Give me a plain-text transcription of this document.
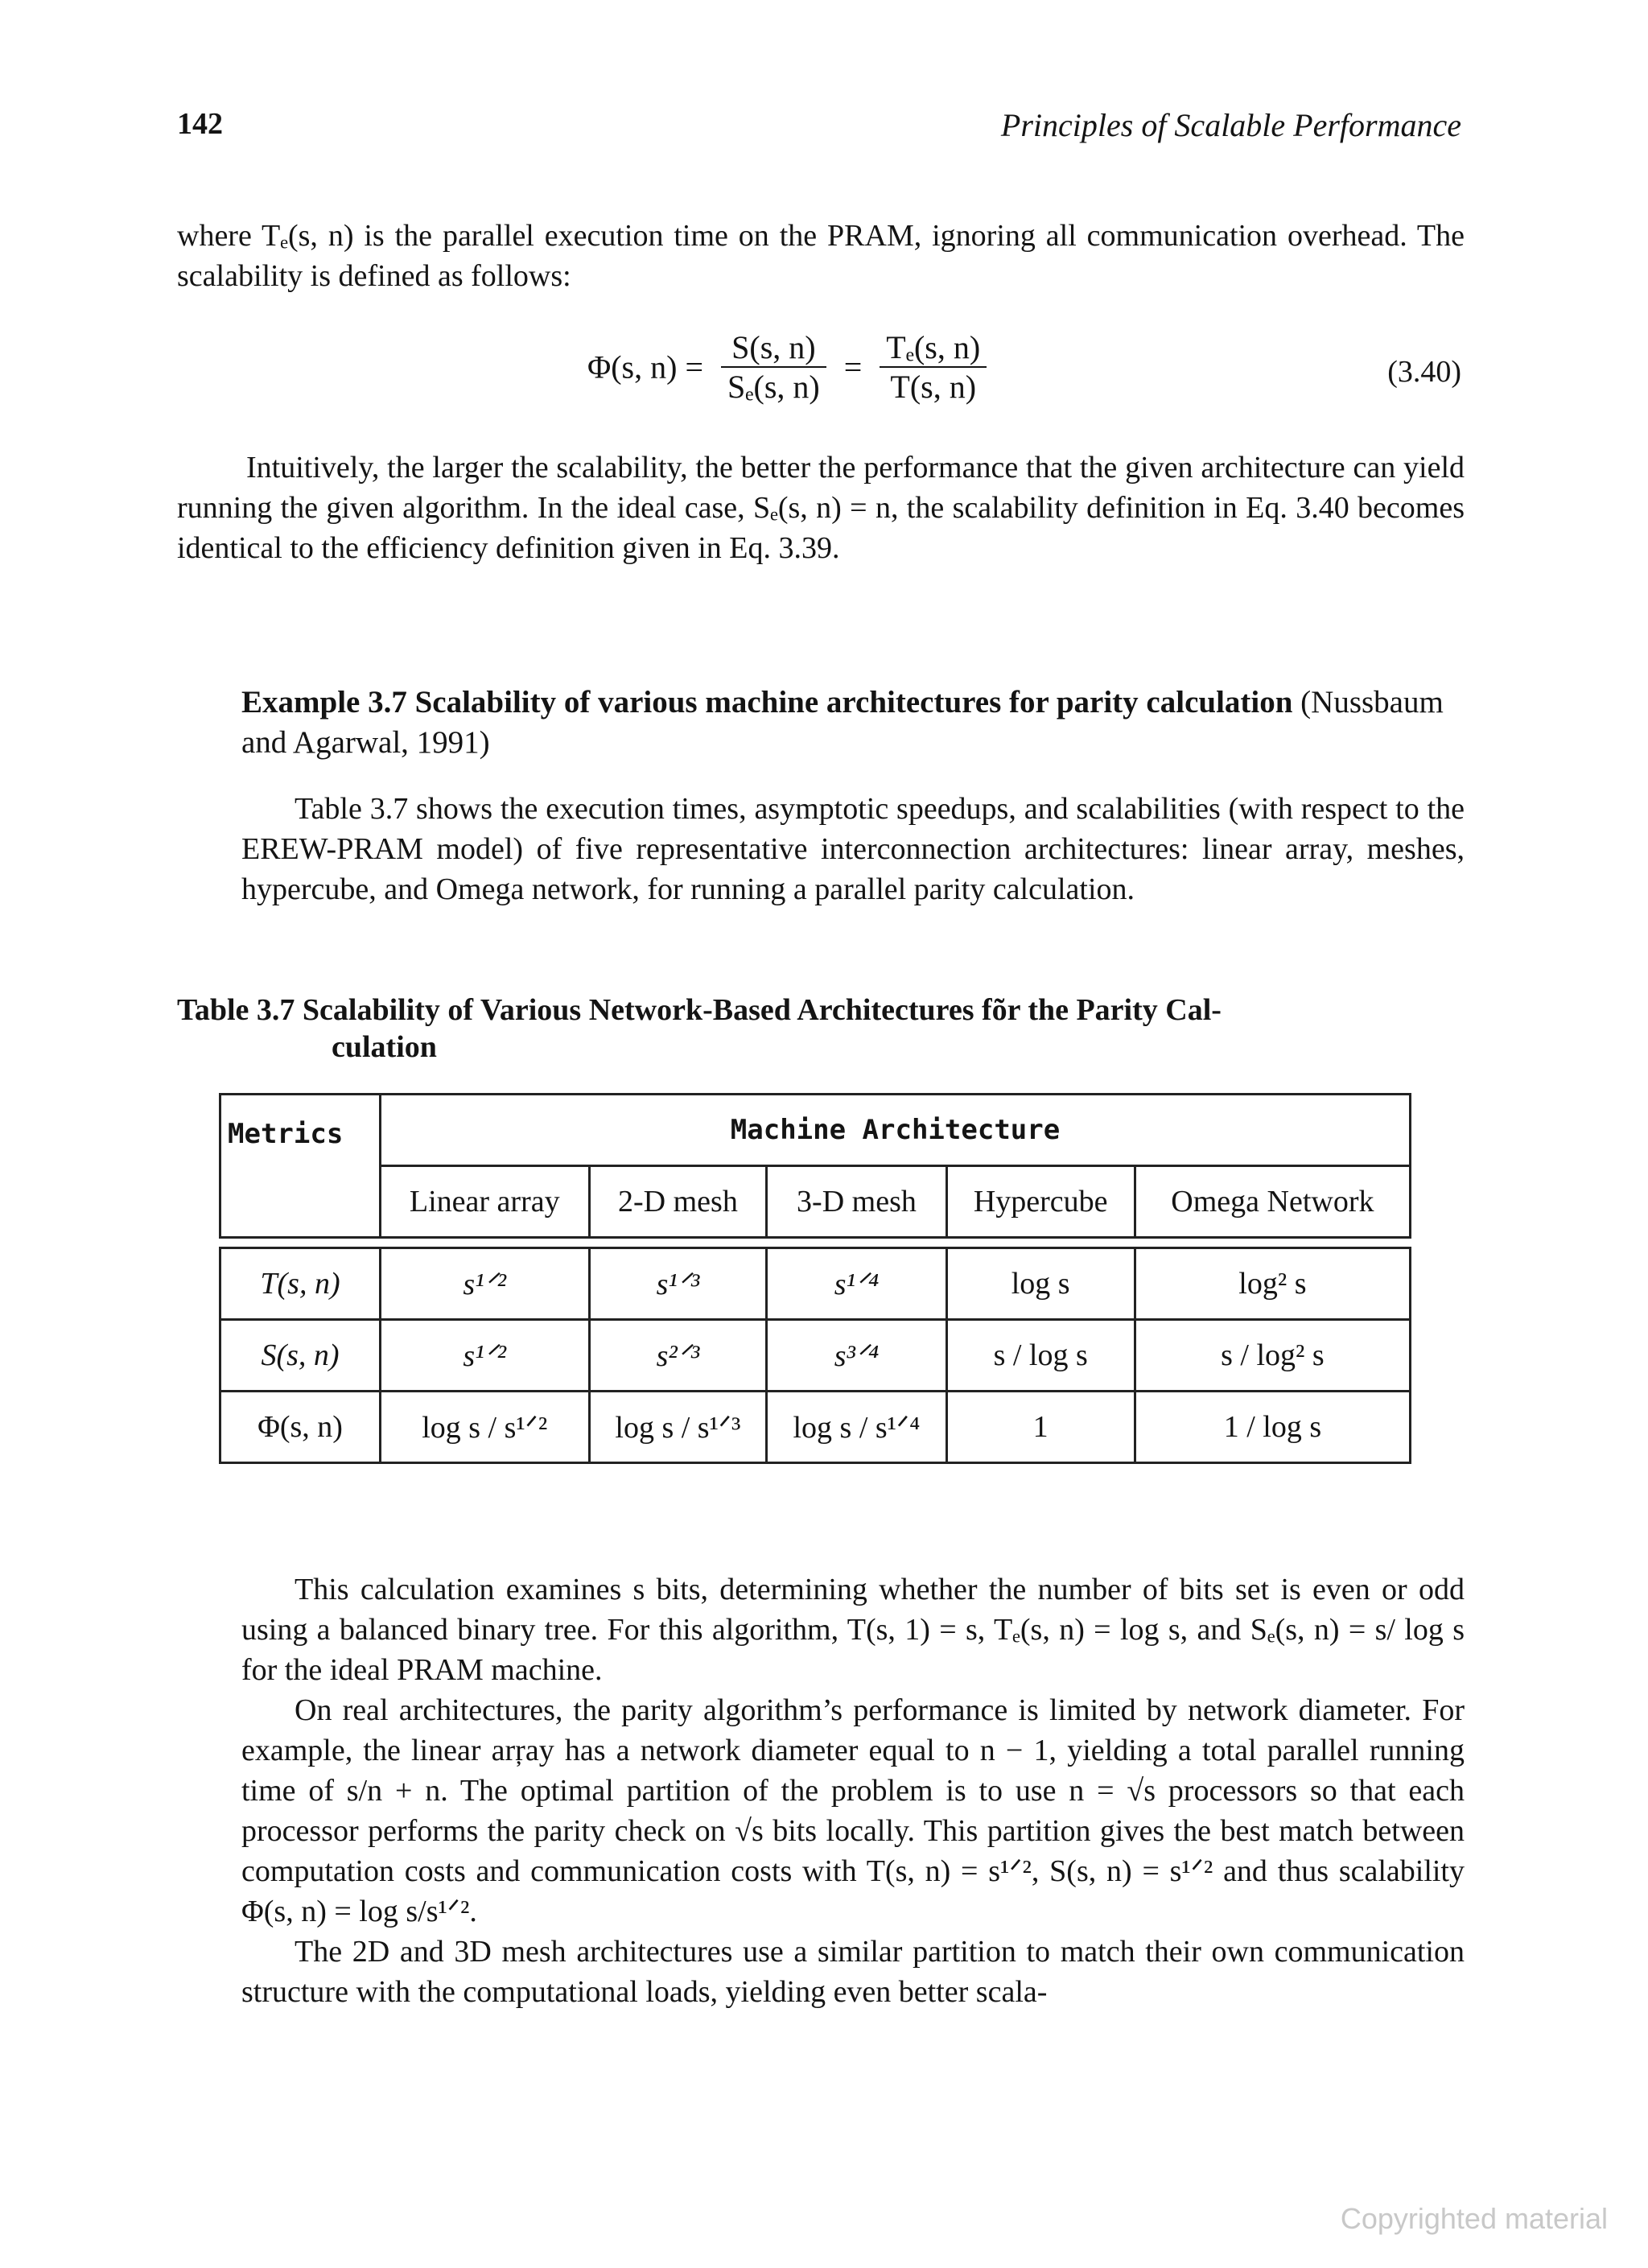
142	Principles of Scalable Performance
where Tₑ(s, n) is the parallel execution time on the PRAM, ignoring all communication overhead. The scalability is defined as follows:
Φ(s, $n) = \frac{S(s, n)}{\text{Sₑ(s, n)}} = \frac{\text{Tₑ(s, n)}}{T(s, n)}$	(3.40)
Intuitively, the larger the scalability, the better the performance that the given architecture can yield running the given algorithm. In the ideal case, Sₑ(s, n) = n, the scalability definition in Eq. 3.40 becomes identical to the efficiency definition given in Eq. 3.39.
Example 3.7 Scalability of various machine architectures for parity calculation (Nussbaum and Agarwal, 1991)
Table 3.7 shows the execution times, asymptotic speedups, and scalabilities (with respect to the EREW-PRAM model) of five representative interconnection architectures: linear array, meshes, hypercube, and Omega network, for running a parallel parity calculation.
Table 3.7 Scalability of Various Network-Based Architectures fõr the Parity Cal-
culation
Metrics	Machine Architecture				
	Linear array	2-D mesh	3-D mesh	Hypercube	Omega Network

T(s, n)	s¹ᐟ²	s¹ᐟ³	s¹ᐟ⁴	log s	log² s
S(s, n)	s¹ᐟ²	s²ᐟ³	s³ᐟ⁴	s / log s	s / log² s
Φ(s, n)	log s / s¹ᐟ²	log s / s¹ᐟ³	log s / s¹ᐟ⁴	1	1 / log s

This calculation examines s bits, determining whether the number of bits set is even or odd using a balanced binary tree. For this algorithm, T(s, 1) = s, Tₑ(s, n) = log s, and Sₑ(s, n) = s/ log s for the ideal PRAM machine.

On real architectures, the parity algorithm’s performance is limited by network diameter. For example, the linear arŗay has a network diameter equal to n − 1, yielding a total parallel running time of s/n + n. The optimal partition of the problem is to use n = √s processors so that each processor performs the parity check on √s bits locally. This partition gives the best match between computation costs and communication costs with T(s, n) = s¹ᐟ², S(s, n) = s¹ᐟ² and thus scalability Φ(s, n) = log s/s¹ᐟ².

The 2D and 3D mesh architectures use a similar partition to match their own communication structure with the computational loads, yielding even better scala-

Copyrighted material
